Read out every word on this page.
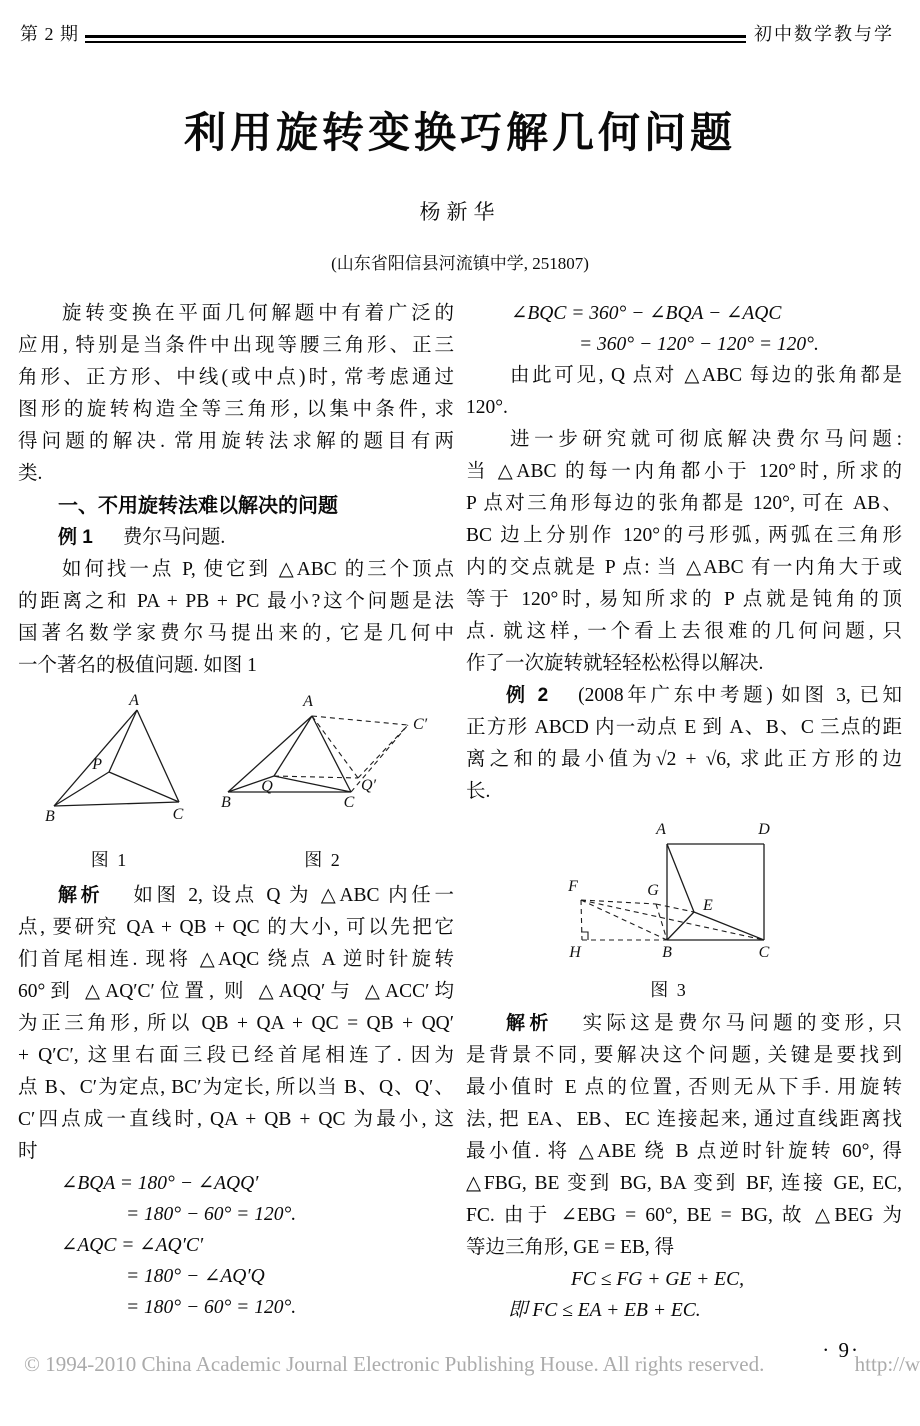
第 2 期	初中数学教与学
利用旋转变换巧解几何问题
杨新华
(山东省阳信县河流镇中学, 251807)
旋转变换在平面几何解题中有着广泛的
应用, 特别是当条件中出现等腰三角形、正三
角形、正方形、中线(或中点)时, 常考虑通过
图形的旋转构造全等三角形, 以集中条件, 求
得问题的解决. 常用旋转法求解的题目有两
类.
一、不用旋转法难以解决的问题
例 1 费尔马问题.
如何找一点 P, 使它到 △ABC 的三个顶点
的距离之和 PA + PB + PC 最小?这个问题是法
国著名数学家费尔马提出来的, 它是几何中
一个著名的极值问题. 如图 1
A
B	C
P
图 1
A
B	C
Q	Q′
C′
图 2
解析 如图 2, 设点 Q 为 △ABC 内任一
点, 要研究 QA + QB + QC 的大小, 可以先把它
们首尾相连. 现将 △AQC 绕点 A 逆时针旋转
60°到 △AQ′C′位置, 则 △AQQ′与 △ACC′均
为正三角形, 所以 QB + QA + QC = QB + QQ′
+ Q′C′, 这里右面三段已经首尾相连了. 因为
点 B、C′为定点, BC′为定长, 所以当 B、Q、Q′、
C′四点成一直线时, QA + QB + QC 为最小, 这
时
∠BQA = 180° − ∠AQQ′
= 180° − 60° = 120°.
∠AQC = ∠AQ′C′
= 180° − ∠AQ′Q
= 180° − 60° = 120°.
∠BQC = 360° − ∠BQA − ∠AQC
= 360° − 120° − 120° = 120°.
由此可见, Q 点对 △ABC 每边的张角都是
120°.
进一步研究就可彻底解决费尔马问题:
当 △ABC 的每一内角都小于 120°时, 所求的
P 点对三角形每边的张角都是 120°, 可在 AB、
BC 边上分别作 120°的弓形弧, 两弧在三角形
内的交点就是 P 点: 当 △ABC 有一内角大于或
等于 120°时, 易知所求的 P 点就是钝角的顶
点. 就这样, 一个看上去很难的几何问题, 只
作了一次旋转就轻轻松松得以解决.
例 2 (2008年广东中考题) 如图 3, 已知
正方形 ABCD 内一动点 E 到 A、B、C 三点的距
离之和的最小值为√2 + √6, 求此正方形的边
长.
A	D
F	G
E
H	B	C
图 3
解析 实际这是费尔马问题的变形, 只
是背景不同, 要解决这个问题, 关键是要找到
最小值时 E 点的位置, 否则无从下手. 用旋转
法, 把 EA、EB、EC 连接起来, 通过直线距离找
最小值. 将 △ABE 绕 B 点逆时针旋转 60°, 得
△FBG, BE 变到 BG, BA 变到 BF, 连接 GE, EC,
FC. 由于 ∠EBG = 60°, BE = BG, 故 △BEG 为
等边三角形, GE = EB, 得
FC ≤ FG + GE + EC,
即 FC ≤ EA + EB + EC.
· 9·
© 1994-2010 China Academic Journal Electronic Publishing House. All rights reserved.	http://w
